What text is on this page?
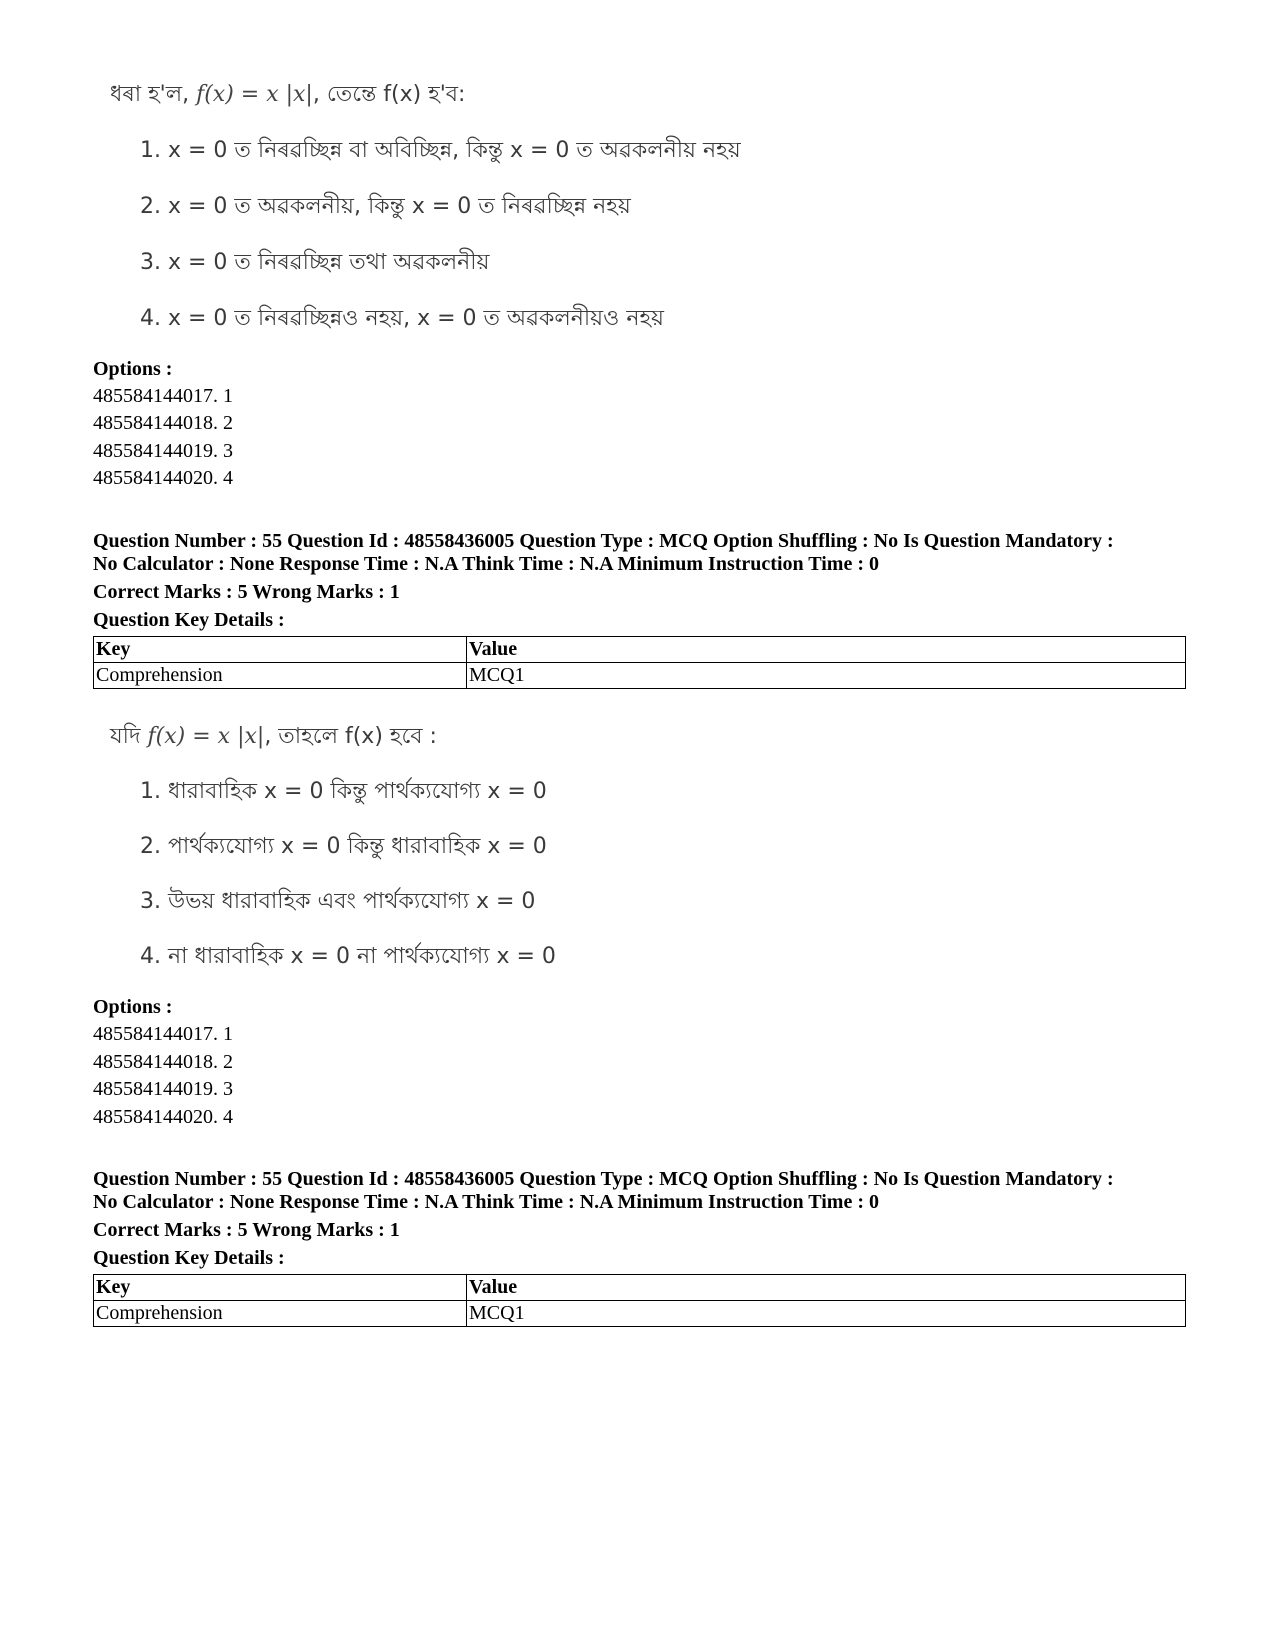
ধৰা হ'ল, f(x) = x |x|, তেন্তে f(x) হ'ব:
1. x = 0 ত নিৰৱচ্ছিন্ন বা অবিচ্ছিন্ন, কিন্তু x = 0 ত অৱকলনীয় নহয়
2. x = 0 ত অৱকলনীয়, কিন্তু x = 0 ত নিৰৱচ্ছিন্ন নহয়
3. x = 0 ত নিৰৱচ্ছিন্ন তথা অৱকলনীয়
4. x = 0 ত নিৰৱচ্ছিন্নও নহয়, x = 0 ত অৱকলনীয়ও নহয়
Options :
485584144017. 1
485584144018. 2
485584144019. 3
485584144020. 4
Question Number : 55 Question Id : 48558436005 Question Type : MCQ Option Shuffling : No Is Question Mandatory :
No Calculator : None Response Time : N.A Think Time : N.A Minimum Instruction Time : 0
Correct Marks : 5 Wrong Marks : 1
Question Key Details :
Key	Value
Comprehension	MCQ1
যদি f(x) = x |x|, তাহলে f(x) হবে :
1. ধারাবাহিক x = 0 কিন্তু পার্থক্যযোগ্য x = 0
2. পার্থক্যযোগ্য x = 0 কিন্তু ধারাবাহিক x = 0
3. উভয় ধারাবাহিক এবং পার্থক্যযোগ্য x = 0
4. না ধারাবাহিক x = 0 না পার্থক্যযোগ্য x = 0
Options :
485584144017. 1
485584144018. 2
485584144019. 3
485584144020. 4
Question Number : 55 Question Id : 48558436005 Question Type : MCQ Option Shuffling : No Is Question Mandatory :
No Calculator : None Response Time : N.A Think Time : N.A Minimum Instruction Time : 0
Correct Marks : 5 Wrong Marks : 1
Question Key Details :
Key	Value
Comprehension	MCQ1
